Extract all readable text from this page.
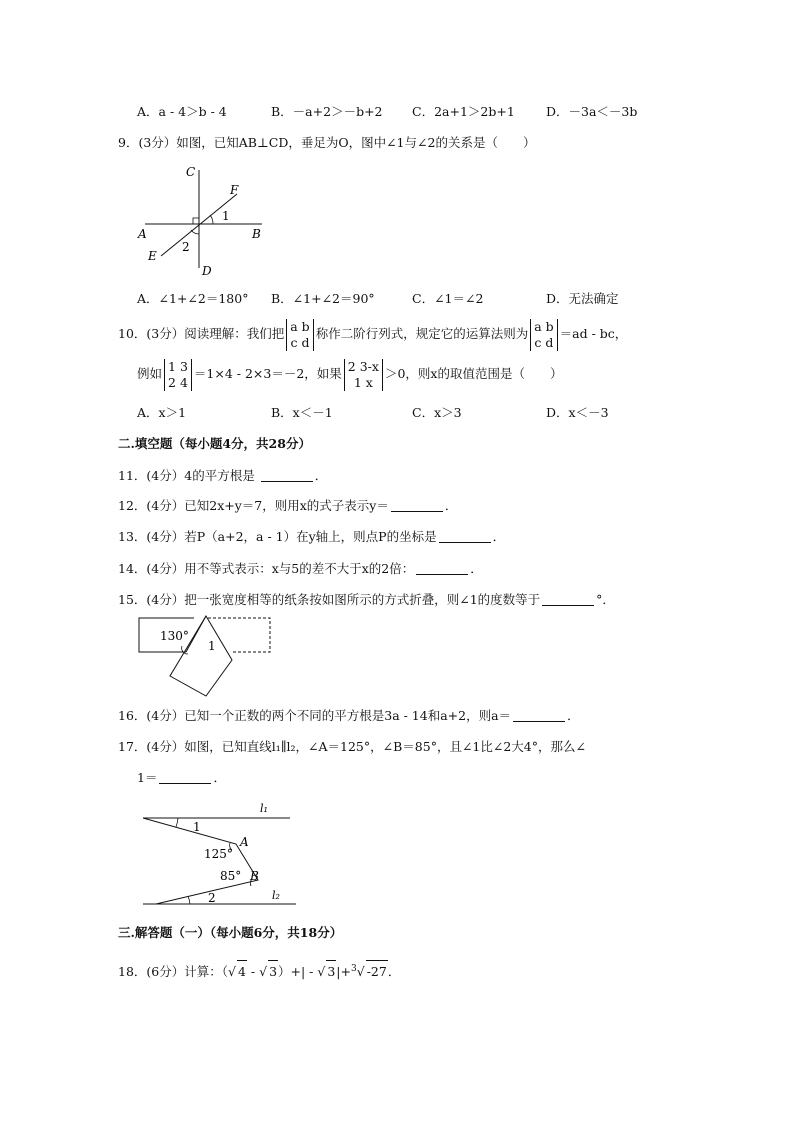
A．a - 4＞b - 4	B．－a+2＞－b+2 C．2a+1＞2b+1 D．－3a＜－3b
9．(3分）如图，已知AB⊥CD，垂足为O，图中∠1与∠2的关系是（　　）
C
F
1
A	B
2
E
D
A．∠1+∠2＝180° B．∠1+∠2＝90°	C．∠1＝∠2	D．无法确定
10．(3分）阅读理解：我们把 a b
c d
称作二阶行列式，规定它的运算法则为 a b
c d
＝ad - bc，
例如 1 3
2 4
＝1×4 - 2×3＝－2，如果 2 3-x
1 x
＞0，则x的取值范围是（　　）
A．x＞1	B．x＜－1	C．x＞3	D．x＜－3
二.填空题（每小题4分，共28分）
11．(4分）4的平方根是	．
12．(4分）已知2x+y＝7，则用x的式子表示y＝	．
13．(4分）若P（a+2，a - 1）在y轴上，则点P的坐标是	．
14．(4分）用不等式表示：x与5的差不大于x的2倍：	．
15．(4分）把一张宽度相等的纸条按如图所示的方式折叠，则∠1的度数等于	°．
130°
1
16．(4分）已知一个正数的两个不同的平方根是3a - 14和a+2，则a＝	．
17．(4分）如图，已知直线l₁∥l₂，∠A＝125°，∠B＝85°，且∠1比∠2大4°，那么∠
1＝	．
l₁
1
A
125°
85° B
l₂
2
三.解答题（一）（每小题6分，共18分）
18．(6分）计算：（√ 4 - √ 3）+| - √ 3|+$^3$√ -27．
